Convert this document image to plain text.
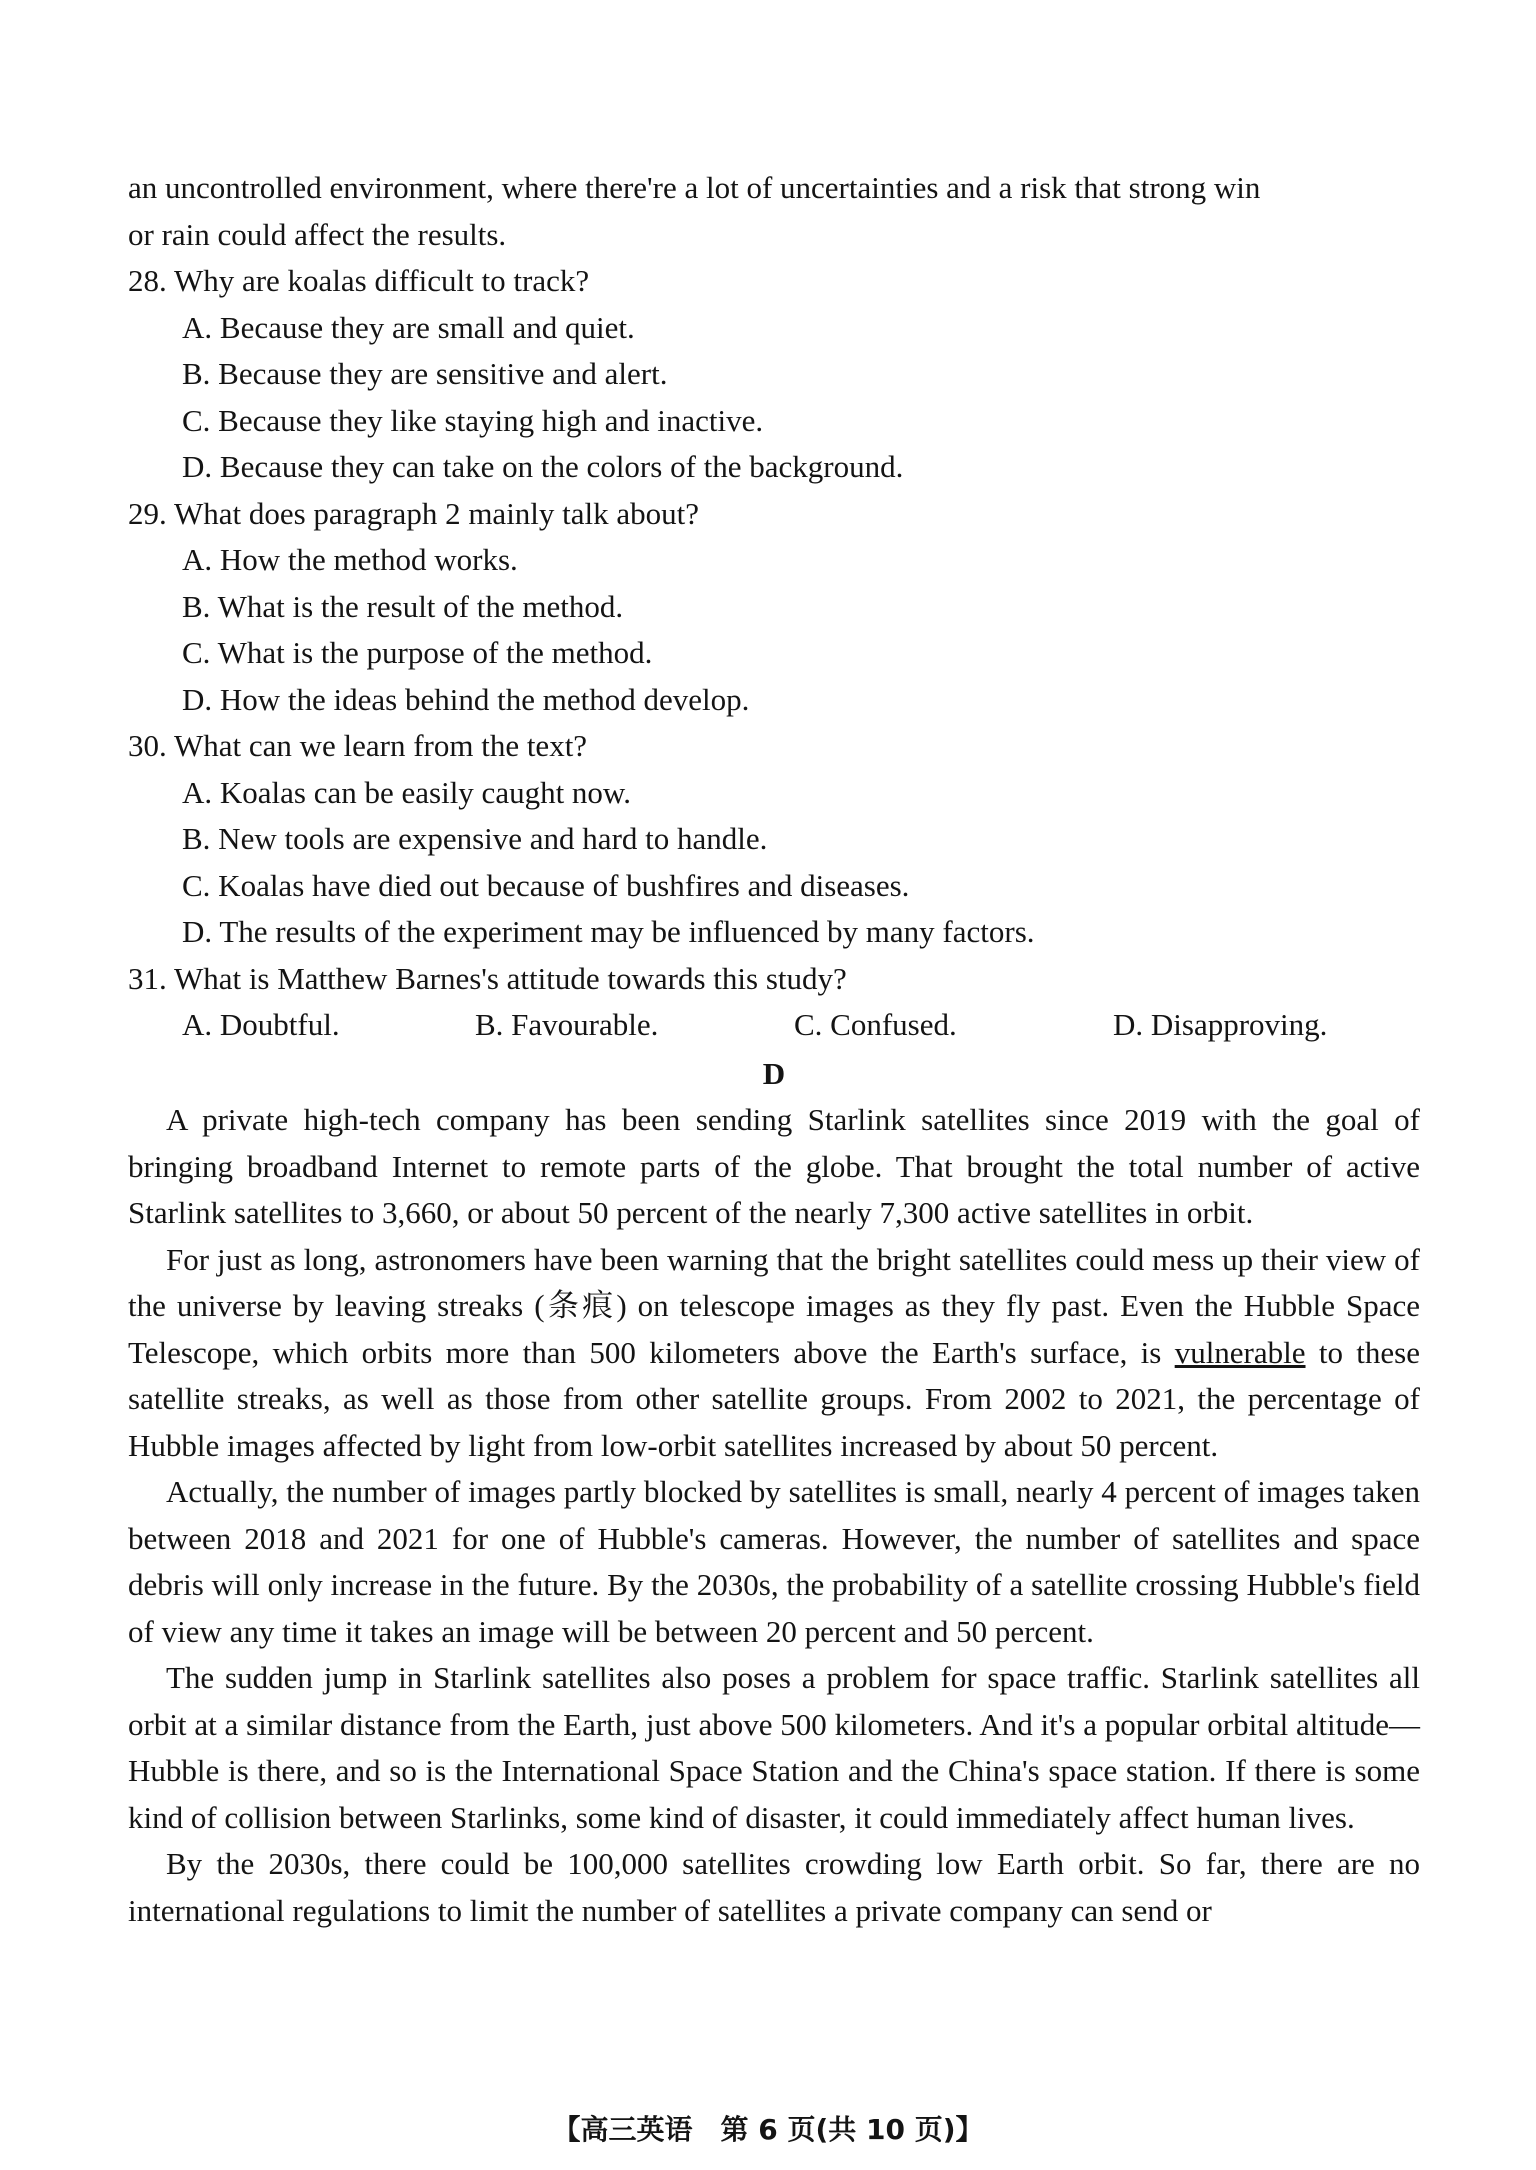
an uncontrolled environment, where there're a lot of uncertainties and a risk that strong win
or rain could affect the results.
28. Why are koalas difficult to track?
A. Because they are small and quiet.
B. Because they are sensitive and alert.
C. Because they like staying high and inactive.
D. Because they can take on the colors of the background.
29. What does paragraph 2 mainly talk about?
A. How the method works.
B. What is the result of the method.
C. What is the purpose of the method.
D. How the ideas behind the method develop.
30. What can we learn from the text?
A. Koalas can be easily caught now.
B. New tools are expensive and hard to handle.
C. Koalas have died out because of bushfires and diseases.
D. The results of the experiment may be influenced by many factors.
31. What is Matthew Barnes's attitude towards this study?
A. Doubtful.	B. Favourable.	C. Confused.	D. Disapproving.
D

A private high-tech company has been sending Starlink satellites since 2019 with the goal of bringing broadband Internet to remote parts of the globe. That brought the total number of active Starlink satellites to 3,660, or about 50 percent of the nearly 7,300 active satellites in orbit.

For just as long, astronomers have been warning that the bright satellites could mess up their view of the universe by leaving streaks (条痕) on telescope images as they fly past. Even the Hubble Space Telescope, which orbits more than 500 kilometers above the Earth's surface, is vulnerable to these satellite streaks, as well as those from other satellite groups. From 2002 to 2021, the percentage of Hubble images affected by light from low-orbit satellites increased by about 50 percent.

Actually, the number of images partly blocked by satellites is small, nearly 4 percent of images taken between 2018 and 2021 for one of Hubble's cameras. However, the number of satellites and space debris will only increase in the future. By the 2030s, the probability of a satellite crossing Hubble's field of view any time it takes an image will be between 20 percent and 50 percent.

The sudden jump in Starlink satellites also poses a problem for space traffic. Starlink satellites all orbit at a similar distance from the Earth, just above 500 kilometers. And it's a popular orbital altitude—Hubble is there, and so is the International Space Station and the China's space station. If there is some kind of collision between Starlinks, some kind of disaster, it could immediately affect human lives.

By the 2030s, there could be 100,000 satellites crowding low Earth orbit. So far, there are no international regulations to limit the number of satellites a private company can send or

【高三英语　第 6 页(共 10 页)】
